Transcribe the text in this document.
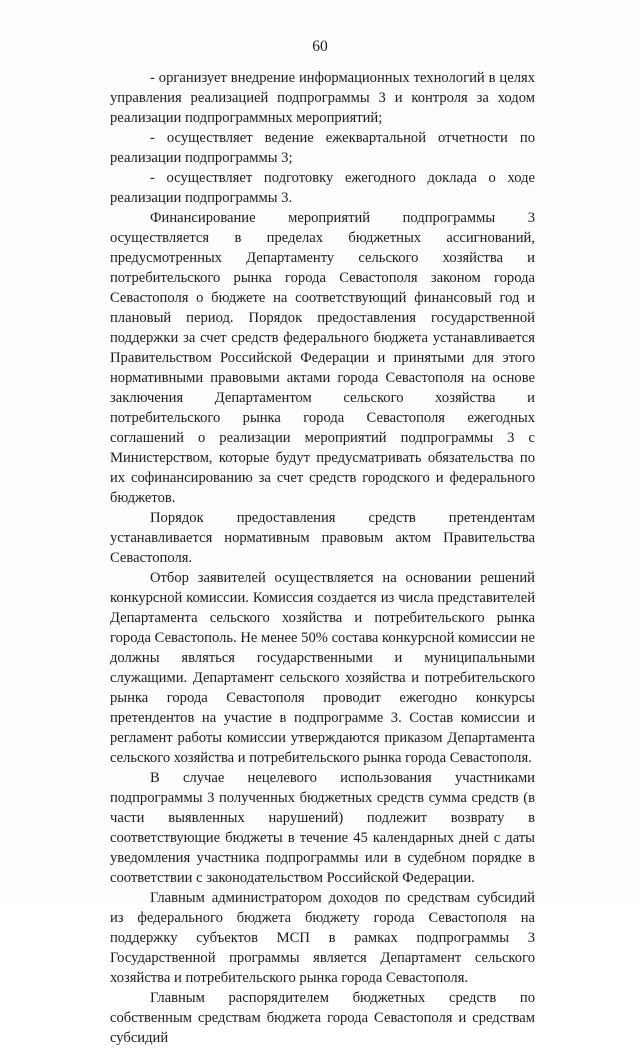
60

- организует внедрение информационных технологий в целях управления реализацией подпрограммы 3 и контроля за ходом реализации подпрограммных мероприятий;

- осуществляет ведение ежеквартальной отчетности по реализации подпрограммы 3;

- осуществляет подготовку ежегодного доклада о ходе реализации подпрограммы 3.

Финансирование мероприятий подпрограммы 3 осуществляется в пределах бюджетных ассигнований, предусмотренных Департаменту сельского хозяйства и потребительского рынка города Севастополя законом города Севастополя о бюджете на соответствующий финансовый год и плановый период. Порядок предоставления государственной поддержки за счет средств федерального бюджета устанавливается Правительством Российской Федерации и принятыми для этого нормативными правовыми актами города Севастополя на основе заключения Департаментом сельского хозяйства и потребительского рынка города Севастополя ежегодных соглашений о реализации мероприятий подпрограммы 3 с Министерством, которые будут предусматривать обязательства по их софинансированию за счет средств городского и федерального бюджетов.

Порядок предоставления средств претендентам устанавливается нормативным правовым актом Правительства Севастополя.

Отбор заявителей осуществляется на основании решений конкурсной комиссии. Комиссия создается из числа представителей Департамента сельского хозяйства и потребительского рынка города Севастополь. Не менее 50% состава конкурсной комиссии не должны являться государственными и муниципальными служащими. Департамент сельского хозяйства и потребительского рынка города Севастополя проводит ежегодно конкурсы претендентов на участие в подпрограмме 3. Состав комиссии и регламент работы комиссии утверждаются приказом Департамента сельского хозяйства и потребительского рынка города Севастополя.

В случае нецелевого использования участниками подпрограммы 3 полученных бюджетных средств сумма средств (в части выявленных нарушений) подлежит возврату в соответствующие бюджеты в течение 45 календарных дней с даты уведомления участника подпрограммы или в судебном порядке в соответствии с законодательством Российской Федерации.

Главным администратором доходов по средствам субсидий из федерального бюджета бюджету города Севастополя на поддержку субъектов МСП в рамках подпрограммы 3 Государственной программы является Департамент сельского хозяйства и потребительского рынка города Севастополя.

Главным распорядителем бюджетных средств по собственным средствам бюджета города Севастополя и средствам субсидий
